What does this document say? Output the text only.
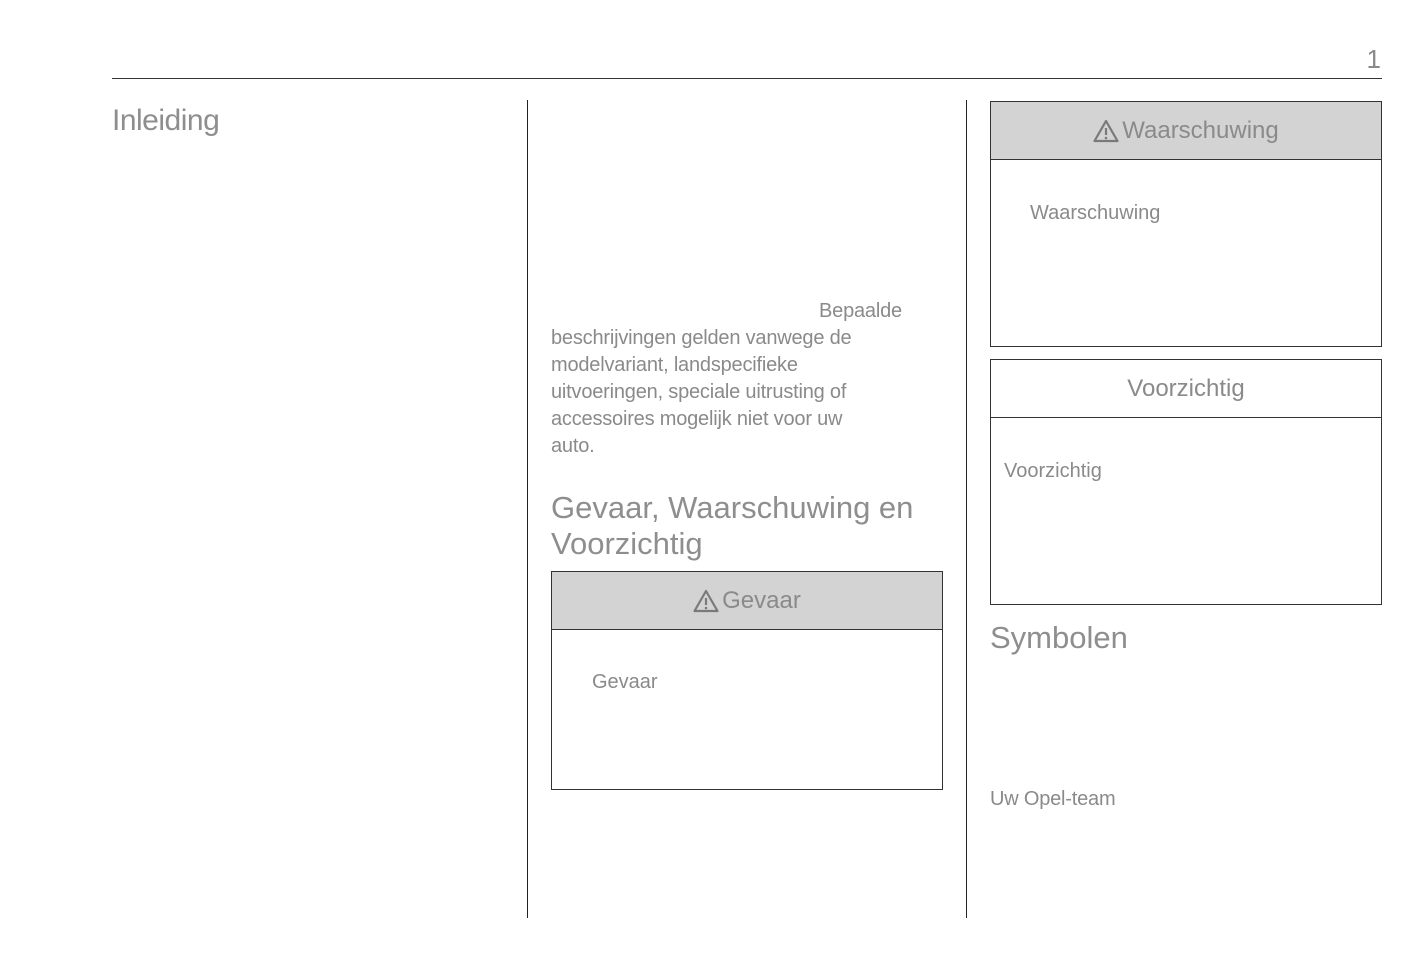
1
Inleiding
Bepaalde
beschrijvingen gelden vanwege de
modelvariant, landspecifieke
uitvoeringen, speciale uitrusting of
accessoires mogelijk niet voor uw
auto.
Gevaar, Waarschuwing en
Voorzichtig
Gevaar
Gevaar
Waarschuwing
Waarschuwing
Voorzichtig
Voorzichtig
Symbolen
Uw Opel-team
